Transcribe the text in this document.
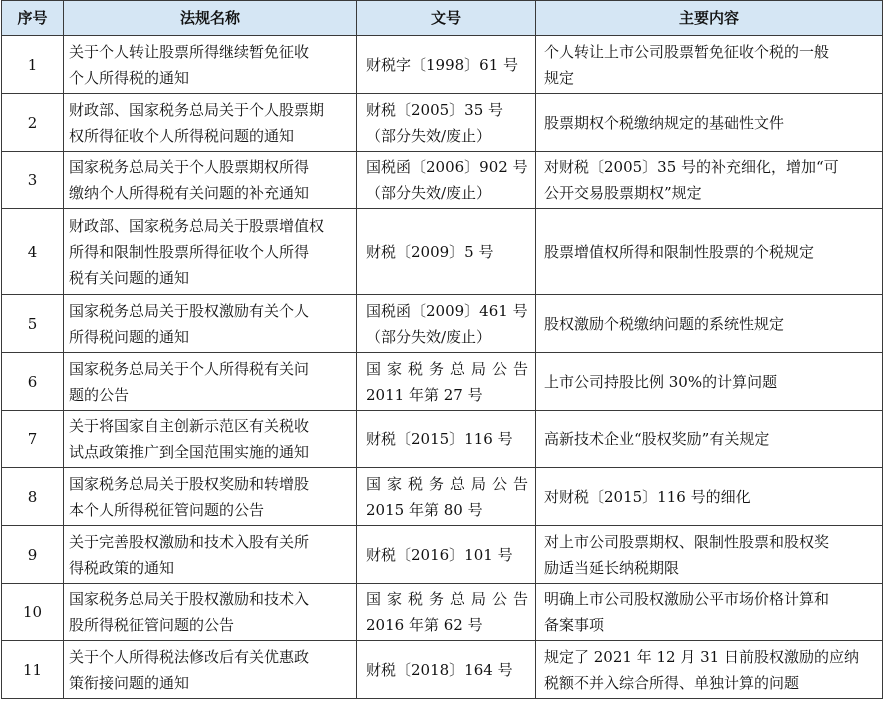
序号	法规名称	文号	主要内容
1	关于个人转让股票所得继续暂免征收
个人所得税的通知	财税字〔1998〕61 号	个人转让上市公司股票暂免征收个税的一般
规定

2	财政部、国家税务总局关于个人股票期
权所得征收个人所得税问题的通知	财税〔2005〕35 号
（部分失效/废止）	股票期权个税缴纳规定的基础性文件

3	国家税务总局关于个人股票期权所得
缴纳个人所得税有关问题的补充通知	国税函〔2006〕902 号
（部分失效/废止）	对财税〔2005〕35 号的补充细化，增加“可
公开交易股票期权”规定

4	财政部、国家税务总局关于股票增值权
所得和限制性股票所得征收个人所得
税有关问题的通知	财税〔2009〕5 号	股票增值权所得和限制性股票的个税规定

5	国家税务总局关于股权激励有关个人
所得税问题的通知	国税函〔2009〕461 号
（部分失效/废止）	股权激励个税缴纳问题的系统性规定

6	国家税务总局关于个人所得税有关问
题的公告	国家税务总局公告
2011 年第 27 号	上市公司持股比例 30%的计算问题

7	关于将国家自主创新示范区有关税收
试点政策推广到全国范围实施的通知	财税〔2015〕116 号	高新技术企业“股权奖励”有关规定

8	国家税务总局关于股权奖励和转增股
本个人所得税征管问题的公告	国家税务总局公告
2015 年第 80 号	对财税〔2015〕116 号的细化

9	关于完善股权激励和技术入股有关所
得税政策的通知	财税〔2016〕101 号	对上市公司股票期权、限制性股票和股权奖
励适当延长纳税期限

10	国家税务总局关于股权激励和技术入
股所得税征管问题的公告	国家税务总局公告
2016 年第 62 号	明确上市公司股权激励公平市场价格计算和
备案事项

11	关于个人所得税法修改后有关优惠政
策衔接问题的通知	财税〔2018〕164 号	规定了 2021 年 12 月 31 日前股权激励的应纳
税额不并入综合所得、单独计算的问题
